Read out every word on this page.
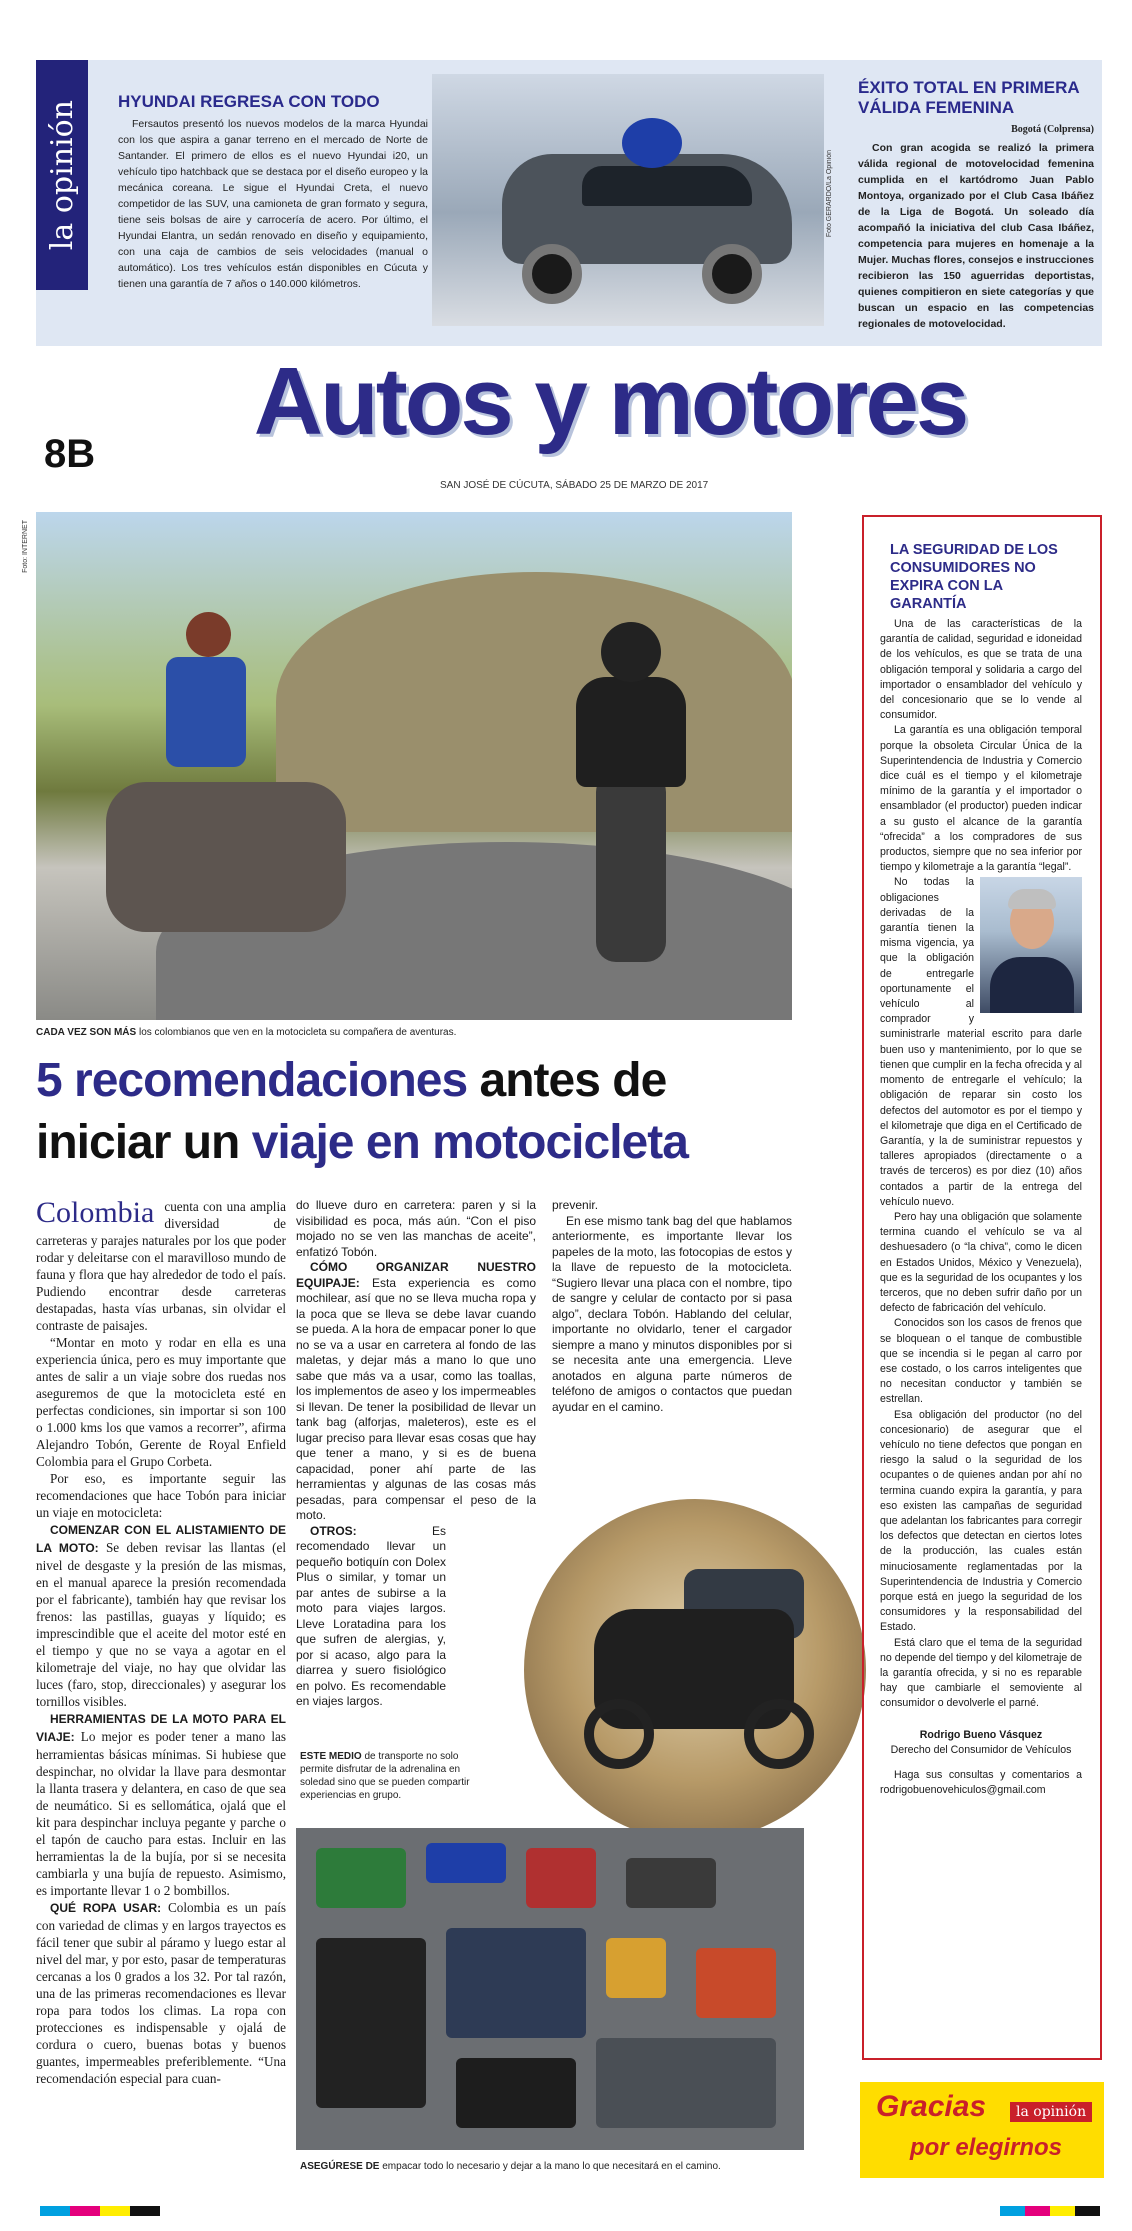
la opinión HYUNDAI REGRESA CON TODO

Fersautos presentó los nuevos modelos de la marca Hyundai con los que aspira a ganar terreno en el mercado de Norte de Santander. El primero de ellos es el nuevo Hyundai i20, un vehículo tipo hatchback que se destaca por el diseño europeo y la mecánica coreana. Le sigue el Hyundai Creta, el nuevo competidor de las SUV, una camioneta de gran formato y segura, tiene seis bolsas de aire y carrocería de acero. Por último, el Hyundai Elantra, un sedán renovado en diseño y equipamiento, con una caja de cambios de seis velocidades (manual o automático). Los tres vehículos están disponibles en Cúcuta y tienen una garantía de 7 años o 140.000 kilómetros.

Foto GERARDO/La Opinión
ÉXITO TOTAL EN PRIMERA VÁLIDA FEMENINA
Bogotá (Colprensa)

Con gran acogida se realizó la primera válida regional de motovelocidad femenina cumplida en el kartódromo Juan Pablo Montoya, organizado por el Club Casa Ibáñez de la Liga de Bogotá. Un soleado día acompañó la iniciativa del club Casa Ibáñez, competencia para mujeres en homenaje a la Mujer. Muchas flores, consejos e instrucciones recibieron las 150 aguerridas deportistas, quienes compitieron en siete categorías y que buscan un espacio en las competencias regionales de motovelocidad.

8B	Autos y motores
SAN JOSÉ DE CÚCUTA, SÁBADO 25 DE MARZO DE 2017
Foto: INTERNET
CADA VEZ SON MÁS los colombianos que ven en la motocicleta su compañera de aventuras.
5 recomendaciones antes de
iniciar un viaje en motocicleta

Colombia cuenta con una amplia diversidad de carreteras y parajes naturales por los que poder rodar y deleitarse con el maravilloso mundo de fauna y flora que hay alrededor de todo el país. Pudiendo encontrar desde carreteras destapadas, hasta vías urbanas, sin olvidar el contraste de paisajes.

“Montar en moto y rodar en ella es una experiencia única, pero es muy importante que antes de salir a un viaje sobre dos ruedas nos aseguremos de que la motocicleta esté en perfectas condiciones, sin importar si son 100 o 1.000 kms los que vamos a recorrer”, afirma Alejandro Tobón, Gerente de Royal Enfield Colombia para el Grupo Corbeta.

Por eso, es importante seguir las recomendaciones que hace Tobón para iniciar un viaje en motocicleta:

COMENZAR CON EL ALISTAMIENTO DE LA MOTO: Se deben revisar las llantas (el nivel de desgaste y la presión de las mismas, en el manual aparece la presión recomendada por el fabricante), también hay que revisar los frenos: las pastillas, guayas y líquido; es imprescindible que el aceite del motor esté en el tiempo y que no se vaya a agotar en el kilometraje del viaje, no hay que olvidar las luces (faro, stop, direccionales) y asegurar los tornillos visibles.

HERRAMIENTAS DE LA MOTO PARA EL VIAJE: Lo mejor es poder tener a mano las herramientas básicas mínimas. Si hubiese que despinchar, no olvidar la llave para desmontar la llanta trasera y delantera, en caso de que sea de neumático. Si es sellomática, ojalá que el kit para despinchar incluya pegante y parche o el tapón de caucho para estas. Incluir en las herramientas la de la bujía, por si se necesita cambiarla y una bujía de repuesto. Asimismo, es importante llevar 1 o 2 bombillos.

QUÉ ROPA USAR: Colombia es un país con variedad de climas y en largos trayectos es fácil tener que subir al páramo y luego estar al nivel del mar, y por esto, pasar de temperaturas cercanas a los 0 grados a los 32. Por tal razón, una de las primeras recomendaciones es llevar ropa para todos los climas. La ropa con protecciones es indispensable y ojalá de cordura o cuero, buenas botas y buenos guantes, impermeables preferiblemente. “Una recomendación especial para cuan-

do llueve duro en carretera: paren y si la visibilidad es poca, más aún. “Con el piso mojado no se ven las manchas de aceite”, enfatizó Tobón.

CÓMO ORGANIZAR NUESTRO EQUIPAJE: Esta experiencia es como mochilear, así que no se lleva mucha ropa y la poca que se lleva se debe lavar cuando se pueda. A la hora de empacar poner lo que no se va a usar en carretera al fondo de las maletas, y dejar más a mano lo que uno sabe que más va a usar, como las toallas, los implementos de aseo y los impermeables si llevan. De tener la posibilidad de llevar un tank bag (alforjas, maleteros), este es el lugar preciso para llevar esas cosas que hay que tener a mano, y si es de buena capacidad, poner ahí parte de las herramientas y algunas de las cosas más pesadas, para compensar el peso de la moto.

OTROS: Es recomendado llevar un pequeño botiquín con Dolex Plus o similar, y tomar un par antes de subirse a la moto para viajes largos. Lleve Loratadina para los que sufren de alergias, y, por si acaso, algo para la diarrea y suero fisiológico en polvo. Es recomendable en viajes largos.

prevenir.

En ese mismo tank bag del que hablamos anteriormente, es importante llevar los papeles de la moto, las fotocopias de estos y la llave de repuesto de la motocicleta. “Sugiero llevar una placa con el nombre, tipo de sangre y celular de contacto por si pasa algo”, declara Tobón. Hablando del celular, importante no olvidarlo, tener el cargador siempre a mano y minutos disponibles por si se necesita ante una emergencia. Lleve anotados en alguna parte números de teléfono de amigos o contactos que puedan ayudar en el camino.

ESTE MEDIO de transporte no solo permite disfrutar de la adrenalina en soledad sino que se pueden compartir experiencias en grupo.
ASEGÚRESE DE empacar todo lo necesario y dejar a la mano lo que necesitará en el camino.
LA SEGURIDAD DE LOS CONSUMIDORES NO EXPIRA CON LA GARANTÍA

Una de las características de la garantía de calidad, seguridad e idoneidad de los vehículos, es que se trata de una obligación temporal y solidaria a cargo del importador o ensamblador del vehículo y del concesionario que se lo vende al consumidor.

La garantía es una obligación temporal porque la obsoleta Circular Única de la Superintendencia de Industria y Comercio dice cuál es el tiempo y el kilometraje mínimo de la garantía y el importador o ensamblador (el productor) pueden indicar a su gusto el alcance de la garantía “ofrecida” a los compradores de sus productos, siempre que no sea inferior por tiempo y kilometraje a la garantía “legal”.

No todas la obligaciones derivadas de la garantía tienen la misma vigencia, ya que la obligación de entregarle oportunamente el vehículo al comprador y suministrarle material escrito para darle buen uso y mantenimiento, por lo que se tienen que cumplir en la fecha ofrecida y al momento de entregarle el vehículo; la obligación de reparar sin costo los defectos del automotor es por el tiempo y el kilometraje que diga en el Certificado de Garantía, y la de suministrar repuestos y talleres apropiados (directamente o a través de terceros) es por diez (10) años contados a partir de la entrega del vehículo nuevo.

Pero hay una obligación que solamente termina cuando el vehículo se va al deshuesadero (o “la chiva”, como le dicen en Estados Unidos, México y Venezuela), que es la seguridad de los ocupantes y los terceros, que no deben sufrir daño por un defecto de fabricación del vehículo.

Conocidos son los casos de frenos que se bloquean o el tanque de combustible que se incendia si le pegan al carro por ese costado, o los carros inteligentes que no necesitan conductor y también se estrellan.

Esa obligación del productor (no del concesionario) de asegurar que el vehículo no tiene defectos que pongan en riesgo la salud o la seguridad de los ocupantes o de quienes andan por ahí no termina cuando expira la garantía, y para eso existen las campañas de seguridad que adelantan los fabricantes para corregir los defectos que detectan en ciertos lotes de la producción, las cuales están minuciosamente reglamentadas por la Superintendencia de Industria y Comercio porque está en juego la seguridad de los consumidores y la responsabilidad del Estado.

Está claro que el tema de la seguridad no depende del tiempo y del kilometraje de la garantía ofrecida, y si no es reparable hay que cambiarle el semoviente al consumidor o devolverle el parné.

Rodrigo Bueno Vásquez
Derecho del Consumidor de Vehículos
Haga sus consultas y comentarios a rodrigobuenovehiculos@gmail.com
Gracias	la opinión
por elegirnos
